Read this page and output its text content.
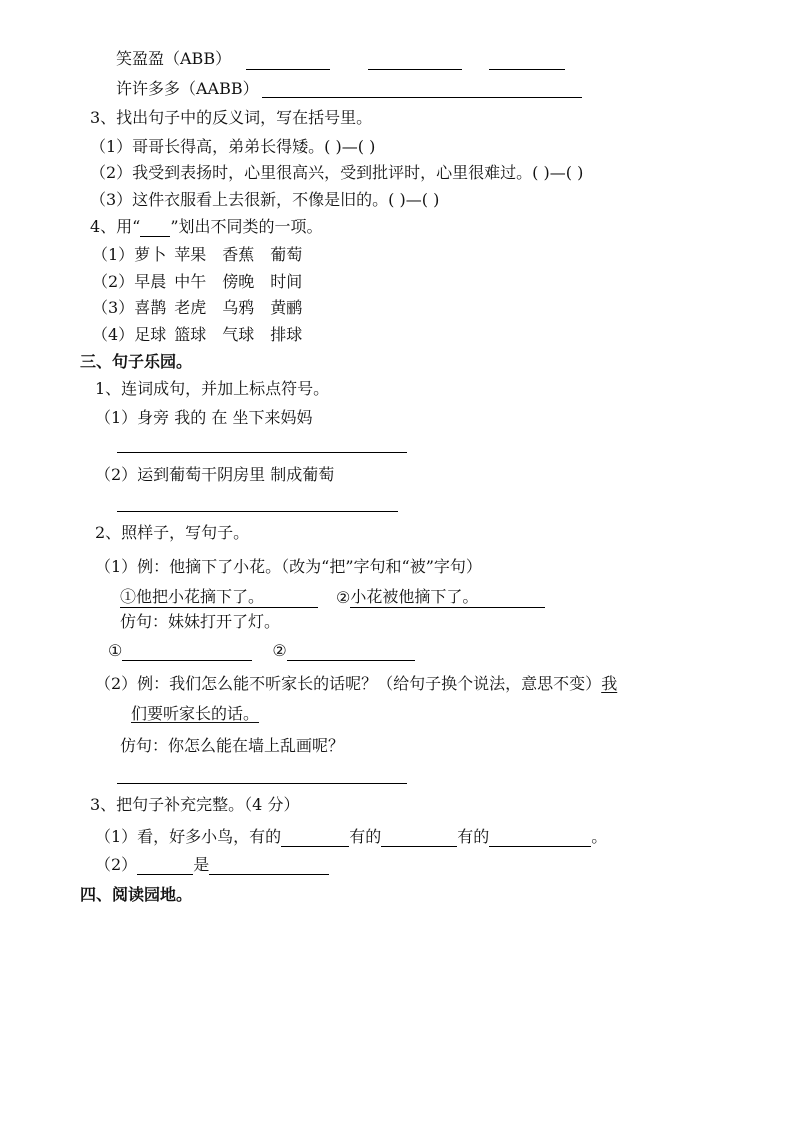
笑盈盈（ABB）
许许多多（AABB）
3、找出句子中的反义词，写在括号里。
（1）哥哥长得高，弟弟长得矮。( )—( )
（2）我受到表扬时，心里很高兴，受到批评时，心里很难过。( )—( )
（3）这件衣服看上去很新，不像是旧的。( )—( )
4、用“ ”划出不同类的一项。
（1）萝卜 苹果 香蕉 葡萄
（2）早晨 中午 傍晚 时间
（3）喜鹊 老虎 乌鸦 黄鹂
（4）足球 篮球 气球 排球
三、句子乐园。
1、连词成句，并加上标点符号。
（1）身旁 我的 在 坐下来妈妈
（2）运到葡萄干阴房里 制成葡萄
2、照样子，写句子。
（1）例：他摘下了小花。（改为“把”字句和“被”字句）
①他把小花摘下了。	②小花被他摘下了。
仿句：妹妹打开了灯。
①	②
（2）例：我们怎么能不听家长的话呢？（给句子换个说法，意思不变）我
们要听家长的话。
仿句：你怎么能在墙上乱画呢？
3、把句子补充完整。（4 分）
（1）看，好多小鸟，有的	有的	有的	。
（2）	是
四、阅读园地。
